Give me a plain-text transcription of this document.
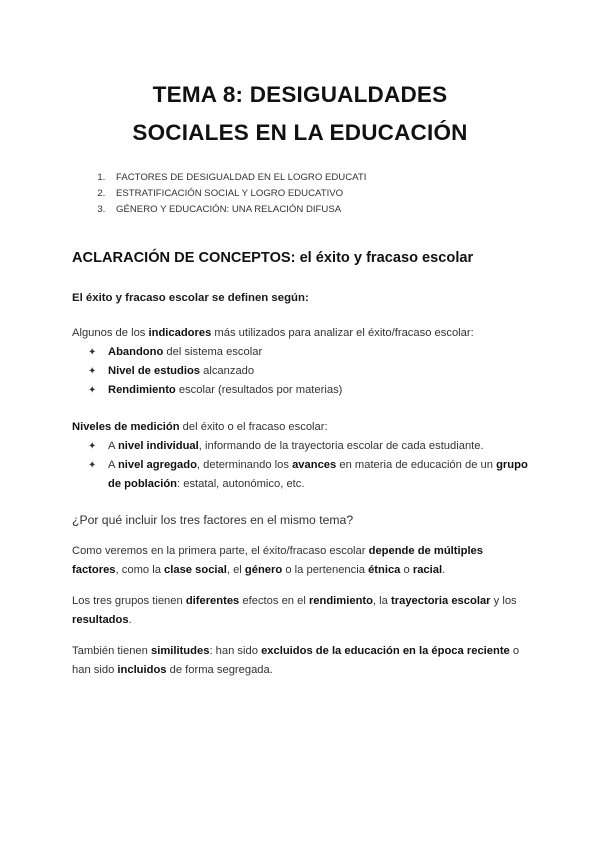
TEMA 8: DESIGUALDADES
SOCIALES EN LA EDUCACIÓN
1. FACTORES DE DESIGUALDAD EN EL LOGRO EDUCATI
2. ESTRATIFICACIÓN SOCIAL Y LOGRO EDUCATIVO
3. GÉNERO Y EDUCACIÓN: UNA RELACIÓN DIFUSA
ACLARACIÓN DE CONCEPTOS: el éxito y fracaso escolar
El éxito y fracaso escolar se definen según:

Algunos de los indicadores más utilizados para analizar el éxito/fracaso escolar:

✦ Abandono del sistema escolar
✦ Nivel de estudios alcanzado
✦ Rendimiento escolar (resultados por materias)

Niveles de medición del éxito o el fracaso escolar:

✦ A nivel individual, informando de la trayectoria escolar de cada estudiante.
✦ A nivel agregado, determinando los avances en materia de educación de un grupo de población: estatal, autonómico, etc.

¿Por qué incluir los tres factores en el mismo tema?

Como veremos en la primera parte, el éxito/fracaso escolar depende de múltiples factores, como la clase social, el género o la pertenencia étnica o racial.

Los tres grupos tienen diferentes efectos en el rendimiento, la trayectoria escolar y los resultados.

También tienen similitudes: han sido excluidos de la educación en la época reciente o han sido incluidos de forma segregada.
